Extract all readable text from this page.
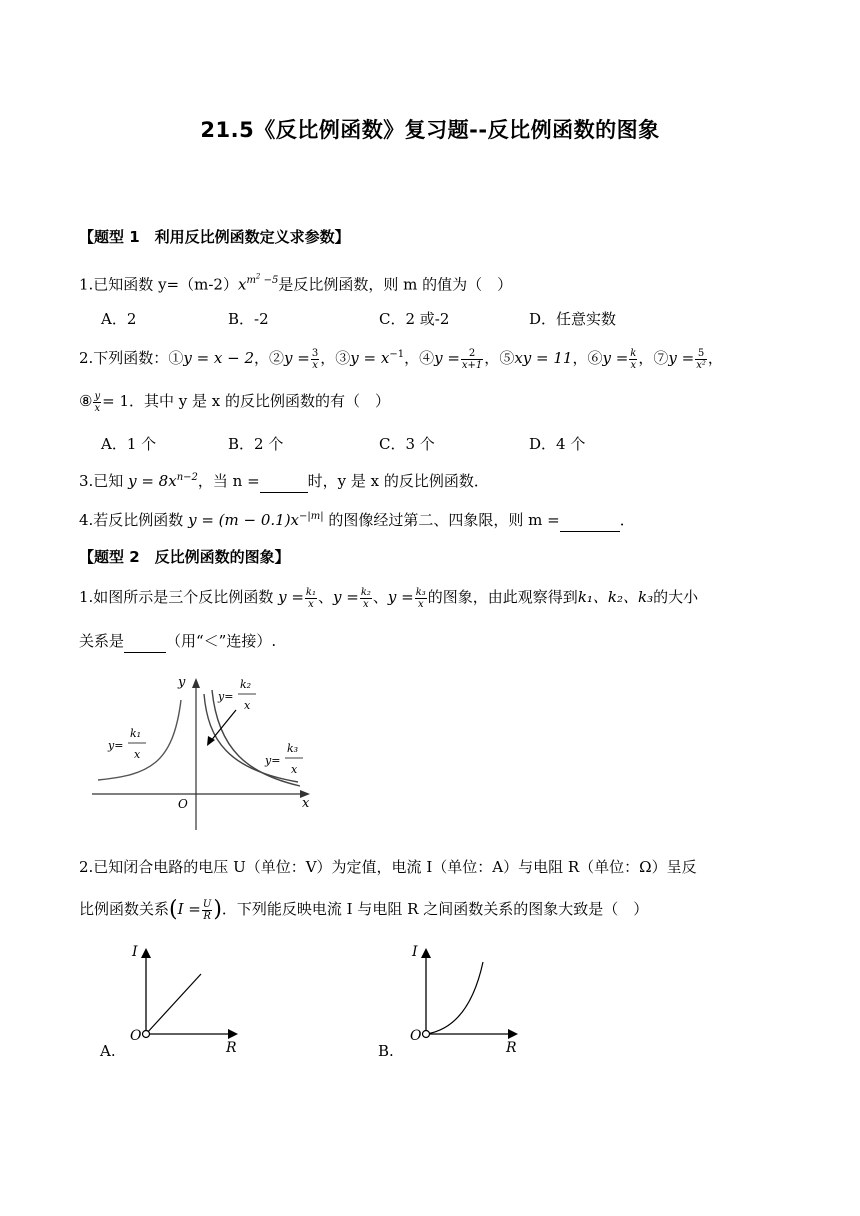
21.5《反比例函数》复习题--反比例函数的图象
【题型 1　利用反比例函数定义求参数】
1.已知函数 $y=(m-2)x^{m^2 -5}$是反比例函数，则 m 的值为（　）
A．2	B．-2	C．2 或-2	D．任意实数
2.下列函数：①y = x − 2，②y = $\frac{3}{x}$ ，③y = $x^{-1}$，④y = $\frac{2}{x+1}$ ，⑤xy = 11，⑥y = $\frac{k}{x}$ ，⑦y = $\frac{5}{\text{x²}}$ ，
⑧ $\frac{y}{x} = 1$．其中 y 是 x 的反比例函数的有（　）
A．1 个	B．2 个	C．3 个	D．4 个
3.已知 $y = 8x^{n-2}$，当 n =	时，y 是 x 的反比例函数．
4.若反比例函数 $y = (m - 0.1)x^{-|m|}$ 的图像经过第二、四象限，则 m =	．
【题型 2　反比例函数的图象】
1.如图所示是三个反比例函数 $y = \frac{\text{k₁}}{x}$ 、$y = \frac{\text{k₂}}{x}$ 、$y = \frac{\text{k₃}}{x}$ 的图象，由此观察得到k₁、k₂、k₃的大小
关系是	（用“＜”连接）.
y
x
O
y=
k₁
x
y=
k₂
x
y=
k₃
x
2.已知闭合电路的电压 U（单位：V）为定值，电流 I（单位：A）与电阻 R（单位：Ω）呈反
比例函数关系($I = \frac{U}{R}$ )．下列能反映电流 I 与电阻 R 之间函数关系的图象大致是（　）
O
I
R
A.
O
I
R
B.
